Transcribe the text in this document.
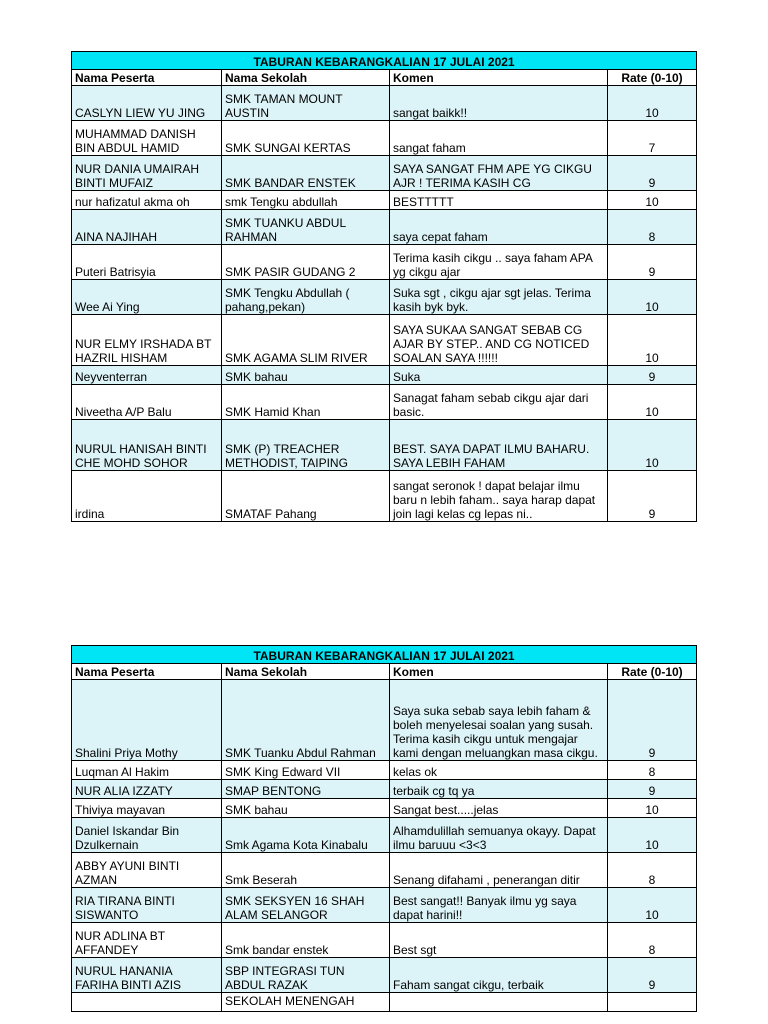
TABURAN KEBARANGKALIAN 17 JULAI 2021			
Nama Peserta	Nama Sekolah	Komen	Rate (0-10)
CASLYN LIEW YU JING	SMK TAMAN MOUNT AUSTIN	sangat baikk!!	10
MUHAMMAD DANISH BIN ABDUL HAMID	SMK SUNGAI KERTAS	sangat faham	7
NUR DANIA UMAIRAH BINTI MUFAIZ	SMK BANDAR ENSTEK	SAYA SANGAT FHM APE YG CIKGU AJR ! TERIMA KASIH CG	9
nur hafizatul akma oh	smk Tengku abdullah	BESTTTTT	10
AINA NAJIHAH	SMK TUANKU ABDUL RAHMAN	saya cepat faham	8
Puteri Batrisyia	SMK PASIR GUDANG 2	Terima kasih cikgu .. saya faham APA yg cikgu ajar	9
Wee Ai Ying	SMK Tengku Abdullah ( pahang,pekan)	Suka sgt , cikgu ajar sgt jelas. Terima kasih byk byk.	10
NUR ELMY IRSHADA BT HAZRIL HISHAM	SMK AGAMA SLIM RIVER	SAYA SUKAA SANGAT SEBAB CG AJAR BY STEP.. AND CG NOTICED SOALAN SAYA !!!!!!	10
Neyventerran	SMK bahau	Suka	9
Niveetha A/P Balu	SMK Hamid Khan	Sanagat faham sebab cikgu ajar dari basic.	10
NURUL HANISAH BINTI CHE MOHD SOHOR	SMK (P) TREACHER METHODIST, TAIPING	BEST. SAYA DAPAT ILMU BAHARU. SAYA LEBIH FAHAM	10
irdina	SMATAF Pahang	sangat seronok ! dapat belajar ilmu baru n lebih faham.. saya harap dapat join lagi kelas cg lepas ni..	9
TABURAN KEBARANGKALIAN 17 JULAI 2021			
Nama Peserta	Nama Sekolah	Komen	Rate (0-10)
Shalini Priya Mothy	SMK Tuanku Abdul Rahman	Saya suka sebab saya lebih faham & boleh menyelesai soalan yang susah. Terima kasih cikgu untuk mengajar kami dengan meluangkan masa cikgu.	9
Luqman Al Hakim	SMK King Edward VII	kelas ok	8
NUR ALIA IZZATY	SMAP BENTONG	terbaik cg tq ya	9
Thiviya mayavan	SMK bahau	Sangat best.....jelas	10
Daniel Iskandar Bin Dzulkernain	Smk Agama Kota Kinabalu	Alhamdulillah semuanya okayy. Dapat ilmu baruuu <3<3	10
ABBY AYUNI BINTI AZMAN	Smk Beserah	Senang difahami , penerangan ditir	8
RIA TIRANA BINTI SISWANTO	SMK SEKSYEN 16 SHAH ALAM SELANGOR	Best sangat!! Banyak ilmu yg saya dapat harini!!	10
NUR ADLINA BT AFFANDEY	Smk bandar enstek	Best sgt	8
NURUL HANANIA FARIHA BINTI AZIS	SBP INTEGRASI TUN ABDUL RAZAK	Faham sangat cikgu, terbaik	9
	SEKOLAH MENENGAH		
